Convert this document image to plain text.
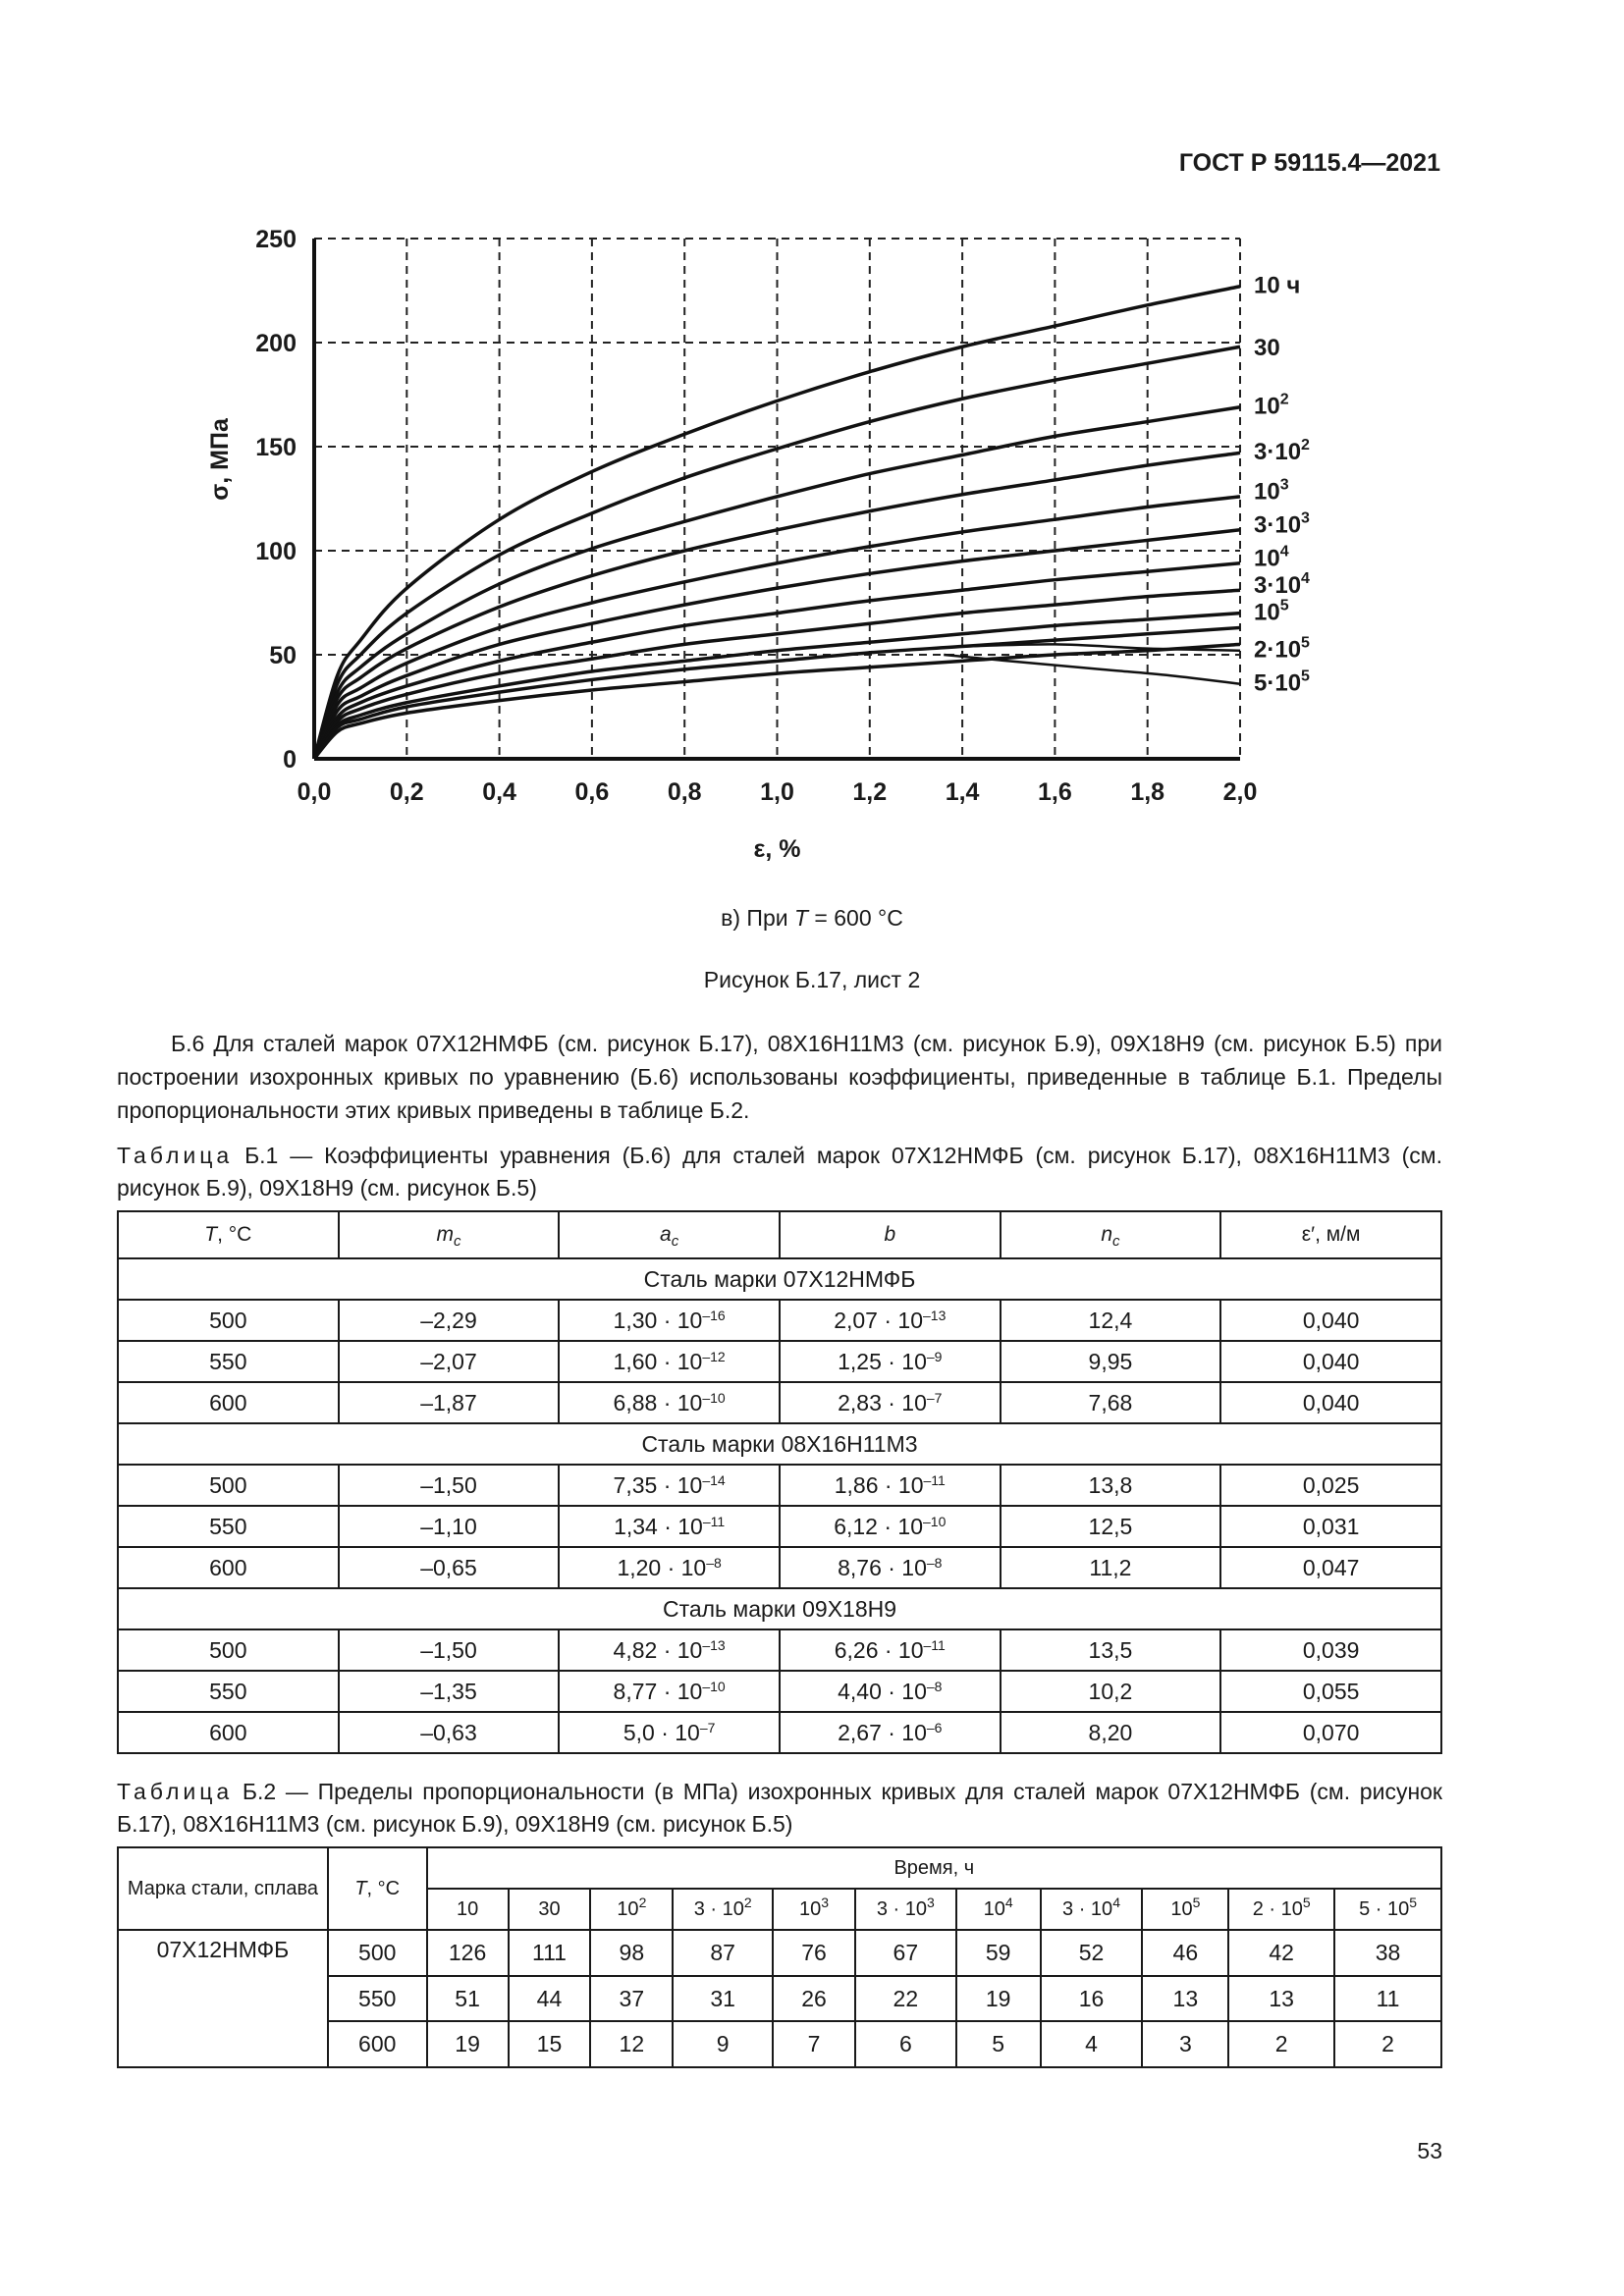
ГОСТ Р 59115.4—2021
0,0 0,2 0,4 0,6 0,8 1,0 1,2 1,4 1,6 1,8 2,0
0
50
100
150
200
250
ε, %
σ, МПа
10 ч
30
$10^2$
$3\cdot 10^2$
$10^3$
$3\cdot 10^3$
$10^4$
$3\cdot 10^4$
$10^5$
$2\cdot 10^5$
$5\cdot 10^5$
в) При T = 600 °C
Рисунок Б.17, лист 2

Б.6 Для сталей марок 07Х12НМФБ (см. рисунок Б.17), 08Х16Н11М3 (см. рисунок Б.9), 09Х18Н9 (см. рисунок Б.5) при построении изохронных кривых по уравнению (Б.6) использованы коэффициенты, приведенные в таблице Б.1. Пределы пропорциональности этих кривых приведены в таблице Б.2.

Таблица Б.1 — Коэффициенты уравнения (Б.6) для сталей марок 07Х12НМФБ (см. рисунок Б.17), 08Х16Н11М3 (см. рисунок Б.9), 09Х18Н9 (см. рисунок Б.5)

T, °C	$m_c$	$a_c$	b	$n_c$	ε′, м/м
Сталь марки 07Х12НМФБ					
500	–2,29	$1,30 \cdot 10^{-16}$	$2,07 \cdot 10^{-13}$	12,4	0,040
550	–2,07	$1,60 \cdot 10^{-12}$	$1,25 \cdot 10^{-9}$	9,95	0,040
600	–1,87	$6,88 \cdot 10^{-10}$	$2,83 \cdot 10^{-7}$	7,68	0,040
Сталь марки 08Х16Н11М3					
500	–1,50	$7,35 \cdot 10^{-14}$	$1,86 \cdot 10^{-11}$	13,8	0,025
550	–1,10	$1,34 \cdot 10^{-11}$	$6,12 \cdot 10^{-10}$	12,5	0,031
600	–0,65	$1,20 \cdot 10^{-8}$	$8,76 \cdot 10^{-8}$	11,2	0,047
Сталь марки 09Х18Н9					
500	–1,50	$4,82 \cdot 10^{-13}$	$6,26 \cdot 10^{-11}$	13,5	0,039
550	–1,35	$8,77 \cdot 10^{-10}$	$4,40 \cdot 10^{-8}$	10,2	0,055
600	–0,63	$5,0 \cdot 10^{-7}$	$2,67 \cdot 10^{-6}$	8,20	0,070

Таблица Б.2 — Пределы пропорциональности (в МПа) изохронных кривых для сталей марок 07Х12НМФБ (см. рисунок Б.17), 08Х16Н11М3 (см. рисунок Б.9), 09Х18Н9 (см. рисунок Б.5)

Марка стали, сплава	T, °C	Время, ч										
		10	30	$10^2$	$3 \cdot 10^2$	$10^3$	$3 \cdot 10^3$	$10^4$	$3 \cdot 10^4$	$10^5$	$2 \cdot 10^5$	$5 \cdot 10^5$
07Х12НМФБ	500	126	111	98	87	76	67	59	52	46	42	38
	550	51	44	37	31	26	22	19	16	13	13	11
	600	19	15	12	9	7	6	5	4	3	2	2
53
